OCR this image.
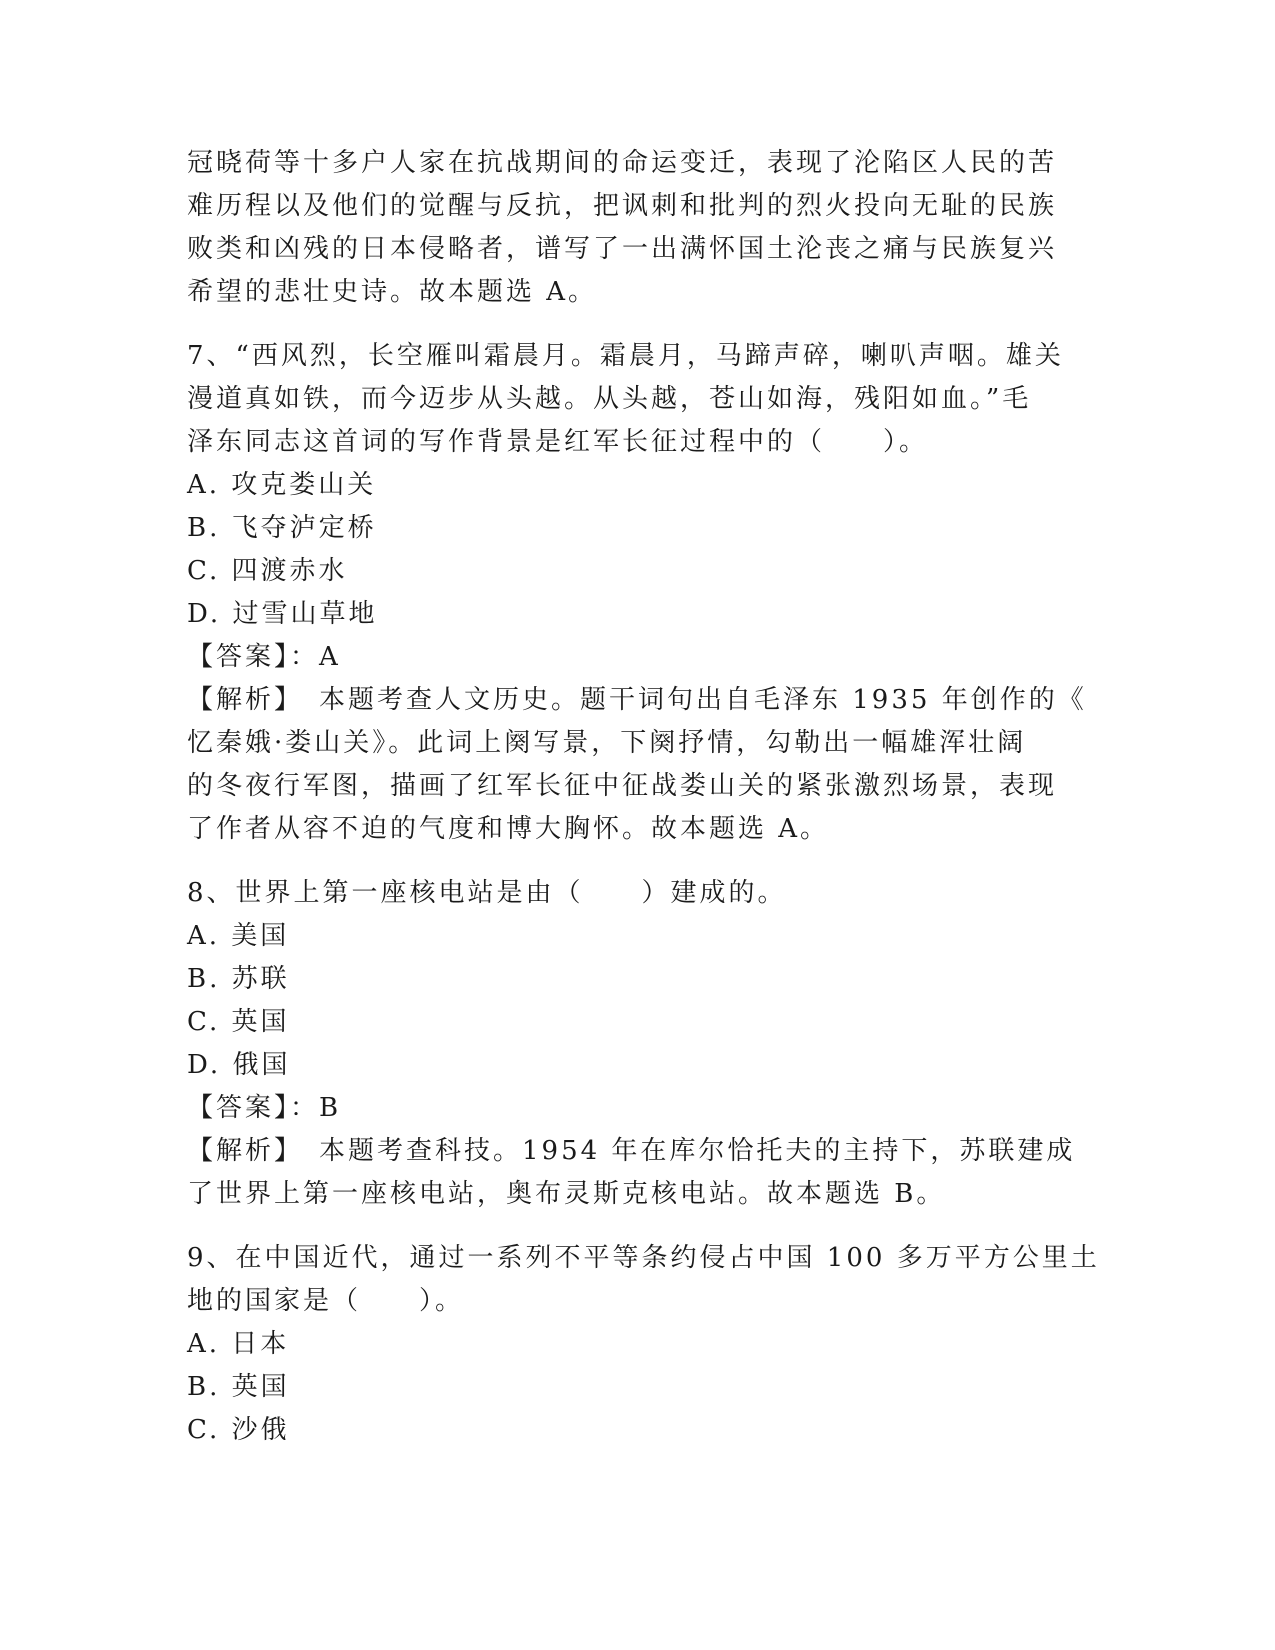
冠晓荷等十多户人家在抗战期间的命运变迁，表现了沦陷区人民的苦
难历程以及他们的觉醒与反抗，把讽刺和批判的烈火投向无耻的民族
败类和凶残的日本侵略者，谱写了一出满怀国土沦丧之痛与民族复兴
希望的悲壮史诗。故本题选 A。
7、“西风烈，长空雁叫霜晨月。霜晨月，马蹄声碎，喇叭声咽。雄关
漫道真如铁，而今迈步从头越。从头越，苍山如海，残阳如血。”毛
泽东同志这首词的写作背景是红军长征过程中的（　　）。
A. 攻克娄山关
B. 飞夺泸定桥
C. 四渡赤水
D. 过雪山草地
【答案】：A
【解析】　本题考查人文历史。题干词句出自毛泽东 1935 年创作的《
忆秦娥·娄山关》。此词上阕写景，下阕抒情，勾勒出一幅雄浑壮阔
的冬夜行军图，描画了红军长征中征战娄山关的紧张激烈场景，表现
了作者从容不迫的气度和博大胸怀。故本题选 A。
8、世界上第一座核电站是由（　　）建成的。
A. 美国
B. 苏联
C. 英国
D. 俄国
【答案】：B
【解析】　本题考查科技。1954 年在库尔恰托夫的主持下，苏联建成
了世界上第一座核电站，奥布灵斯克核电站。故本题选 B。
9、在中国近代，通过一系列不平等条约侵占中国 100 多万平方公里土
地的国家是（　　）。
A. 日本
B. 英国
C. 沙俄
